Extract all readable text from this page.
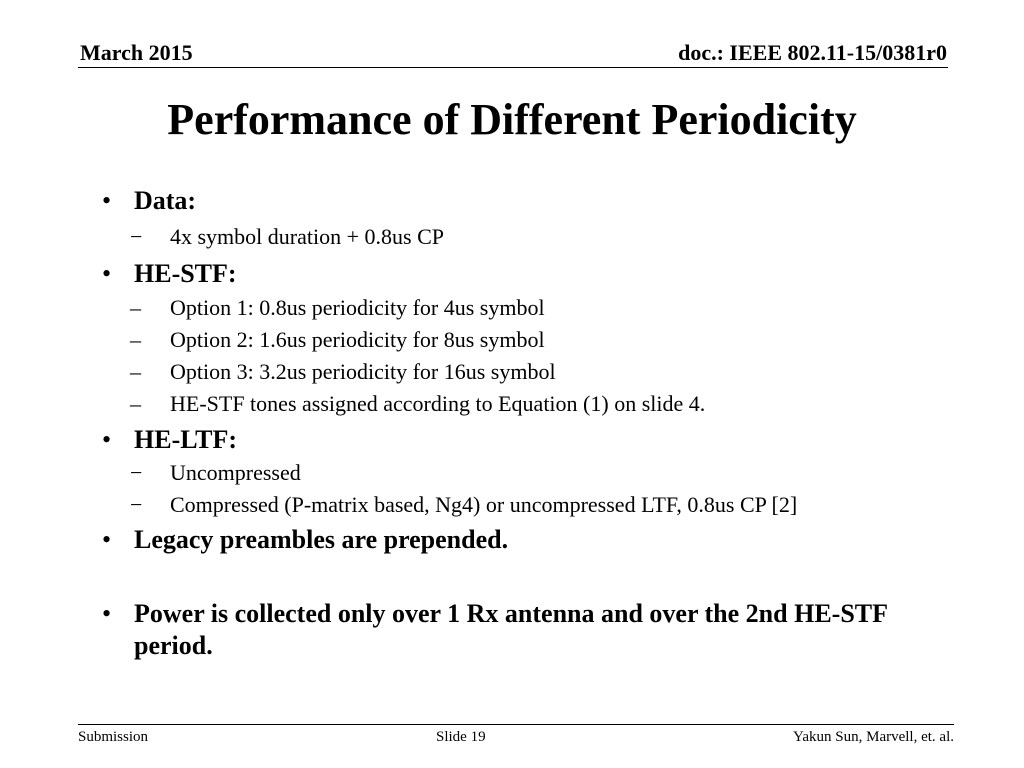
March 2015	doc.: IEEE 802.11-15/0381r0
Performance of Different Periodicity
• Data:
− 4x symbol duration + 0.8us CP
• HE-STF:
– Option 1: 0.8us periodicity for 4us symbol
– Option 2: 1.6us periodicity for 8us symbol
– Option 3: 3.2us periodicity for 16us symbol
– HE-STF tones assigned according to Equation (1) on slide 4.
• HE-LTF:
− Uncompressed
− Compressed (P-matrix based, Ng4) or uncompressed LTF, 0.8us CP [2]
• Legacy preambles are prepended.
• Power is collected only over 1 Rx antenna and over the 2nd HE-STF period.
Submission	Slide 19	Yakun Sun, Marvell, et. al.
